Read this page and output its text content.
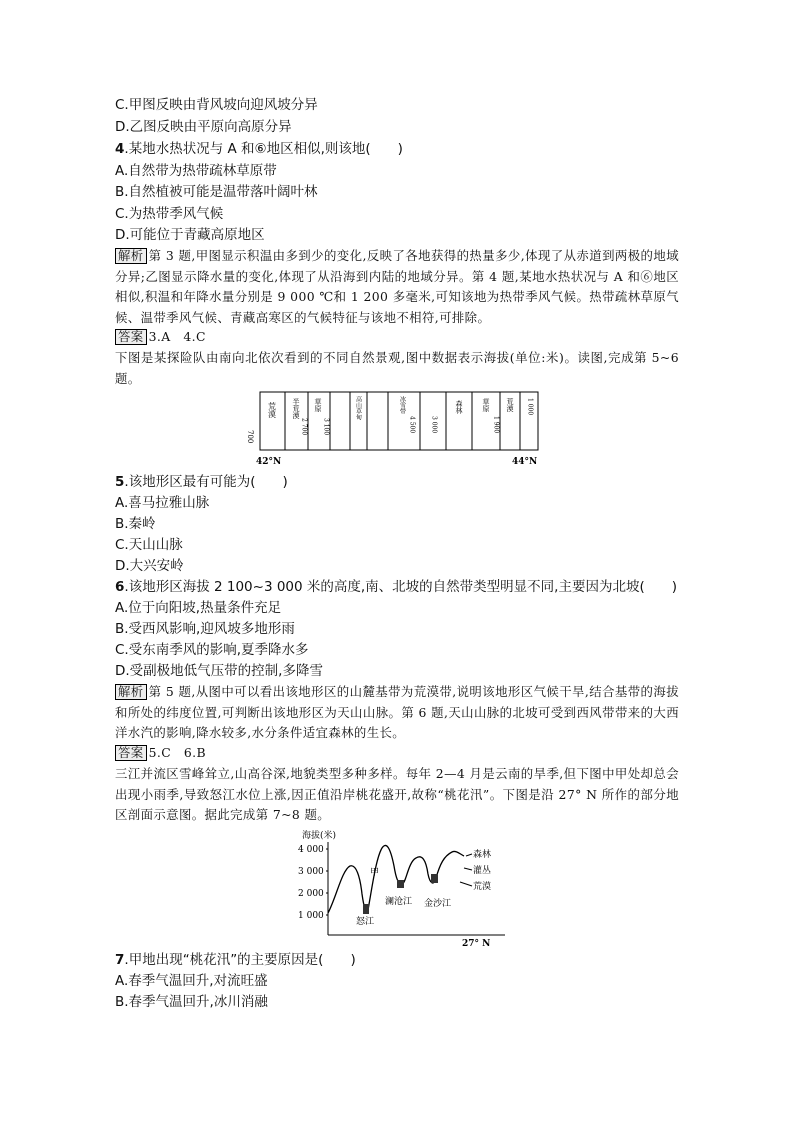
C.甲图反映由背风坡向迎风坡分异
D.乙图反映由平原向高原分异
4.某地水热状况与 A 和⑥地区相似,则该地(　　)
A.自然带为热带疏林草原带
B.自然植被可能是温带落叶阔叶林
C.为热带季风气候
D.可能位于青藏高原地区
解析 第 3 题,甲图显示积温由多到少的变化,反映了各地获得的热量多少,体现了从赤道到两极的地域分异;乙图显示降水量的变化,体现了从沿海到内陆的地域分异。第 4 题,某地水热状况与 A 和⑥地区相似,积温和年降水量分别是 9 000 ℃和 1 200 多毫米,可知该地为热带季风气候。热带疏林草原气候、温带季风气候、青藏高寒区的气候特征与该地不相符,可排除。
答案 3.A　4.C
下图是某探险队由南向北依次看到的不同自然景观,图中数据表示海拔(单位:米)。读图,完成第 5~6 题。
700
荒漠 半荒漠
2 700
草原
3 100
高山草甸	冰雪带
4 500	3 000
森林	草原
1 900
荒漠 1 000
42°N	44°N
5.该地形区最有可能为(　　)
A.喜马拉雅山脉
B.秦岭
C.天山山脉
D.大兴安岭
6.该地形区海拔 2 100~3 000 米的高度,南、北坡的自然带类型明显不同,主要因为北坡(　　)
A.位于向阳坡,热量条件充足
B.受西风影响,迎风坡多地形雨
C.受东南季风的影响,夏季降水多
D.受副极地低气压带的控制,多降雪
解析 第 5 题,从图中可以看出该地形区的山麓基带为荒漠带,说明该地形区气候干旱,结合基带的海拔和所处的纬度位置,可判断出该地形区为天山山脉。第 6 题,天山山脉的北坡可受到西风带带来的大西洋水汽的影响,降水较多,水分条件适宜森林的生长。
答案 5.C　6.B
三江并流区雪峰耸立,山高谷深,地貌类型多种多样。每年 2—4 月是云南的旱季,但下图中甲处却总会出现小雨季,导致怒江水位上涨,因正值沿岸桃花盛开,故称“桃花汛”。下图是沿 27° N 所作的部分地区剖面示意图。据此完成第 7~8 题。
海拔(米)
4 000
3 000
2 000
1 000
怒江
澜沧江 金沙江
甲
森林
灌丛
荒漠
27° N
7.甲地出现“桃花汛”的主要原因是(　　)
A.春季气温回升,对流旺盛
B.春季气温回升,冰川消融
